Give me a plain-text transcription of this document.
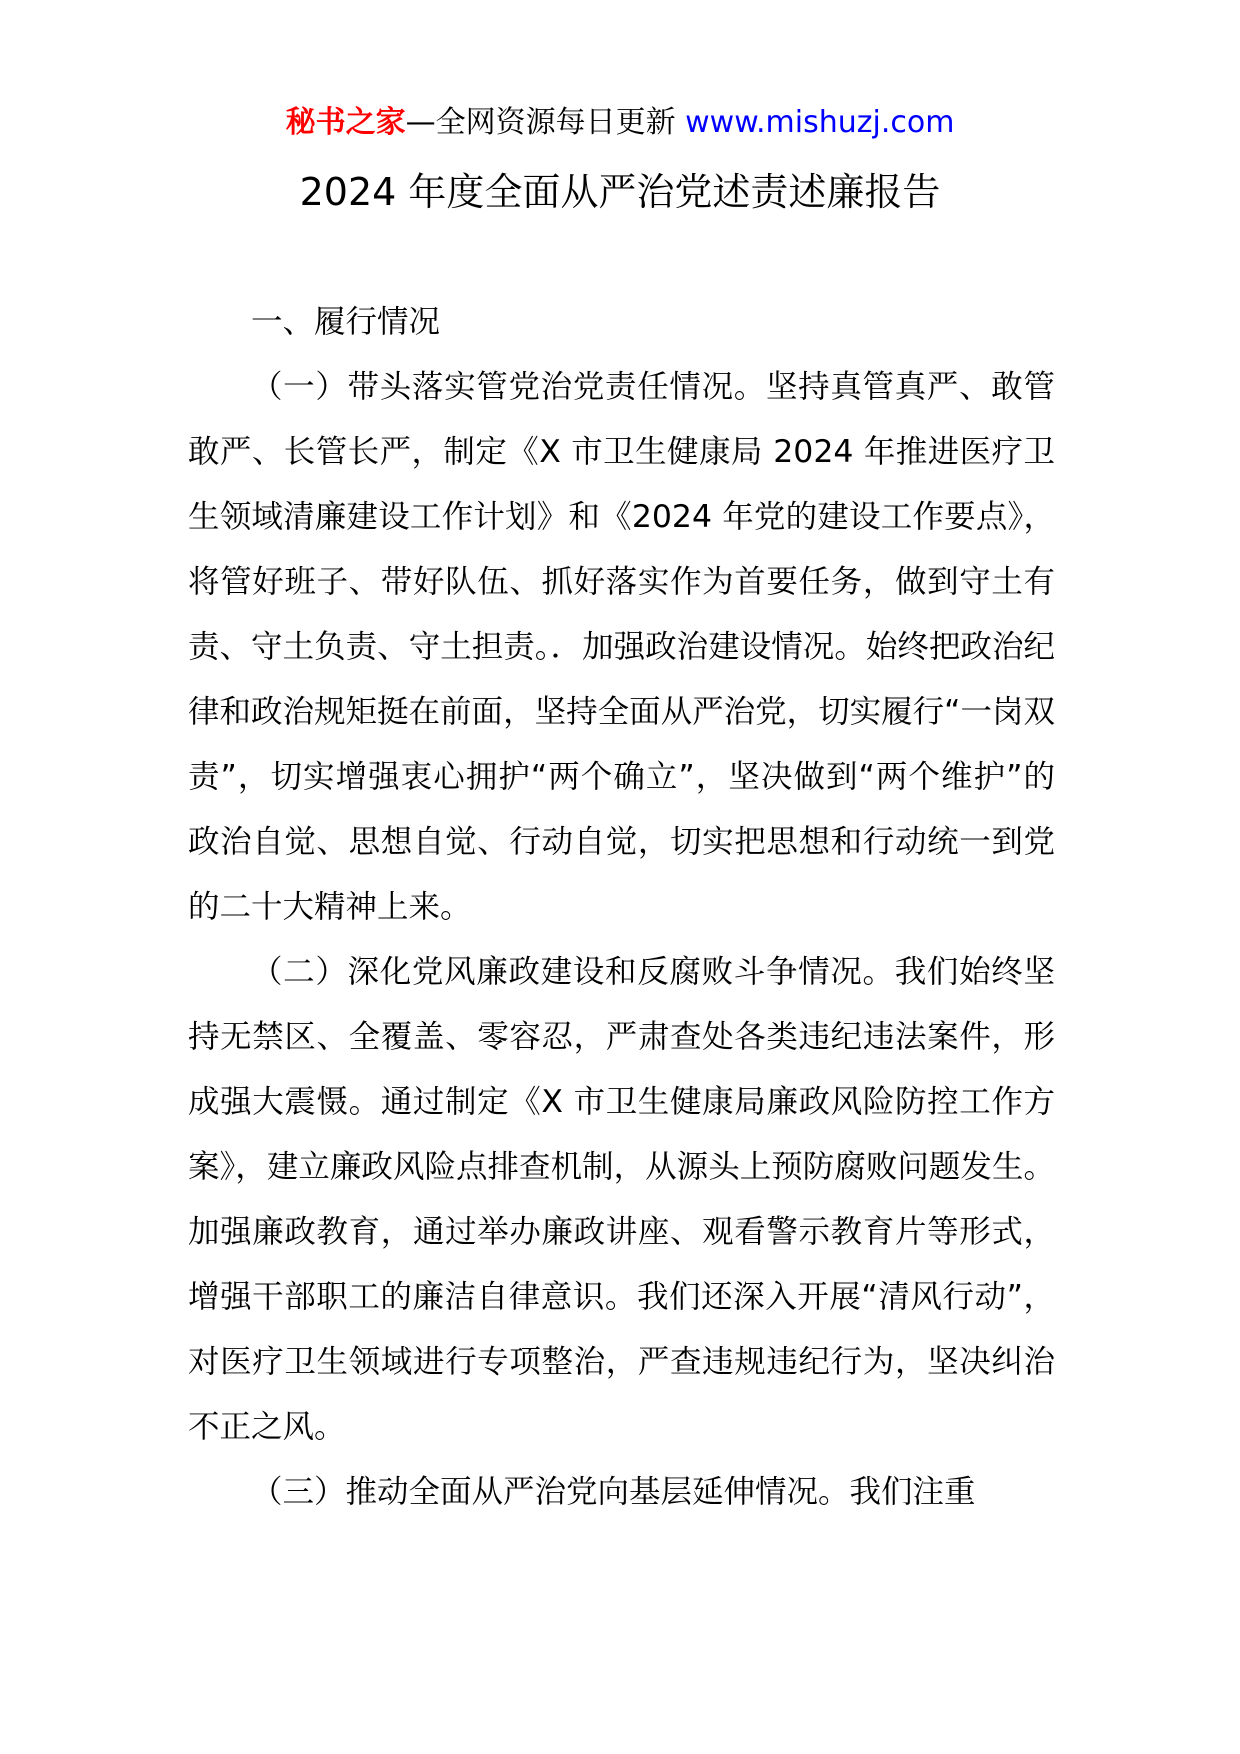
秘书之家—全网资源每日更新 www.mishuzj.com
2024 年度全面从严治党述责述廉报告

一、履行情况

（一）带头落实管党治党责任情况。坚持真管真严、敢管敢严、长管长严，制定《X 市卫生健康局 2024 年推进医疗卫生领域清廉建设工作计划》和《2024 年党的建设工作要点》，将管好班子、带好队伍、抓好落实作为首要任务，做到守土有责、守土负责、守土担责。．加强政治建设情况。始终把政治纪律和政治规矩挺在前面，坚持全面从严治党，切实履行“一岗双责”，切实增强衷心拥护“两个确立”，坚决做到“两个维护”的政治自觉、思想自觉、行动自觉，切实把思想和行动统一到党的二十大精神上来。

（二）深化党风廉政建设和反腐败斗争情况。我们始终坚持无禁区、全覆盖、零容忍，严肃查处各类违纪违法案件，形成强大震慑。通过制定《X 市卫生健康局廉政风险防控工作方案》，建立廉政风险点排查机制，从源头上预防腐败问题发生。加强廉政教育，通过举办廉政讲座、观看警示教育片等形式，增强干部职工的廉洁自律意识。我们还深入开展“清风行动”，对医疗卫生领域进行专项整治，严查违规违纪行为，坚决纠治不正之风。

（三）推动全面从严治党向基层延伸情况。我们注重
